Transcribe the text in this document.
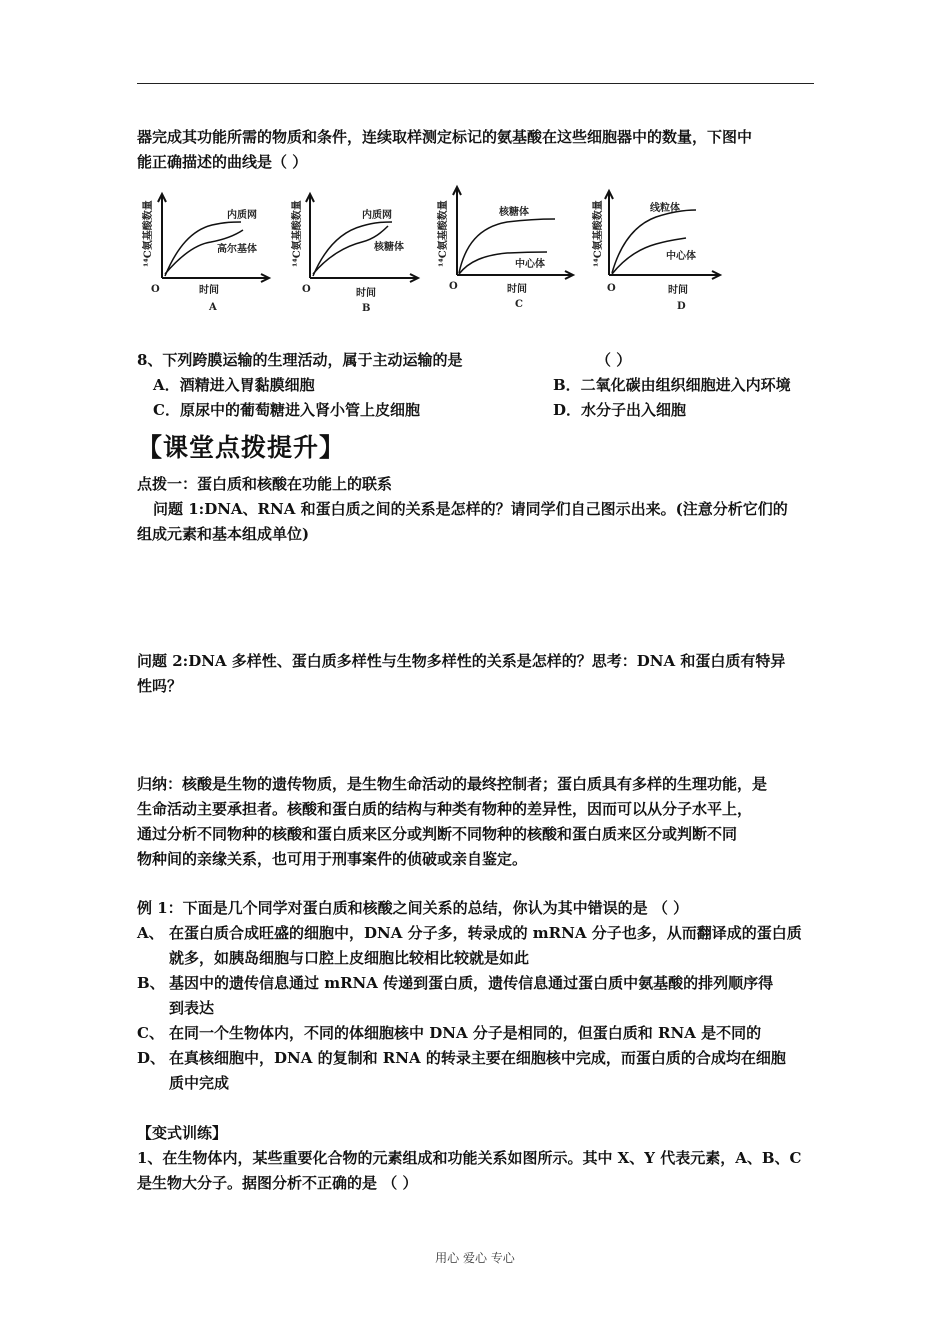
器完成其功能所需的物质和条件，连续取样测定标记的氨基酸在这些细胞器中的数量，下图中
能正确描述的曲线是（ ）
¹⁴C氨基酸数量
O	时间
A
内质网
高尔基体	¹⁴C氨基酸数量
O	时间
B
内质网
核糖体	¹⁴C氨基酸数量
O	时间
C
核糖体
中心体	¹⁴C氨基酸数量
O	时间
D
线粒体
中心体
8、下列跨膜运输的生理活动，属于主动运输的是	（ ）
A．酒精进入胃黏膜细胞	B．二氧化碳由组织细胞进入内环境
C．原尿中的葡萄糖进入肾小管上皮细胞	D．水分子出入细胞
【课堂点拨提升】
点拨一：蛋白质和核酸在功能上的联系
问题 1:DNA、RNA 和蛋白质之间的关系是怎样的？请同学们自己图示出来。(注意分析它们的
组成元素和基本组成单位)
问题 2:DNA 多样性、蛋白质多样性与生物多样性的关系是怎样的？思考：DNA 和蛋白质有特异
性吗？
归纳：核酸是生物的遗传物质，是生物生命活动的最终控制者；蛋白质具有多样的生理功能，是
生命活动主要承担者。核酸和蛋白质的结构与种类有物种的差异性，因而可以从分子水平上，
通过分析不同物种的核酸和蛋白质来区分或判断不同物种的核酸和蛋白质来区分或判断不同
物种间的亲缘关系，也可用于刑事案件的侦破或亲自鉴定。
例 1：下面是几个同学对蛋白质和核酸之间关系的总结，你认为其中错误的是 （ ）
A、 在蛋白质合成旺盛的细胞中，DNA 分子多，转录成的 mRNA 分子也多，从而翻译成的蛋白质
就多，如胰岛细胞与口腔上皮细胞比较相比较就是如此
B、 基因中的遗传信息通过 mRNA 传递到蛋白质，遗传信息通过蛋白质中氨基酸的排列顺序得
到表达
C、 在同一个生物体内，不同的体细胞核中 DNA 分子是相同的，但蛋白质和 RNA 是不同的
D、 在真核细胞中，DNA 的复制和 RNA 的转录主要在细胞核中完成，而蛋白质的合成均在细胞
质中完成
【变式训练】
1、在生物体内，某些重要化合物的元素组成和功能关系如图所示。其中 X、Y 代表元素，A、B、C
是生物大分子。据图分析不正确的是 （ ）
用心 爱心 专心
